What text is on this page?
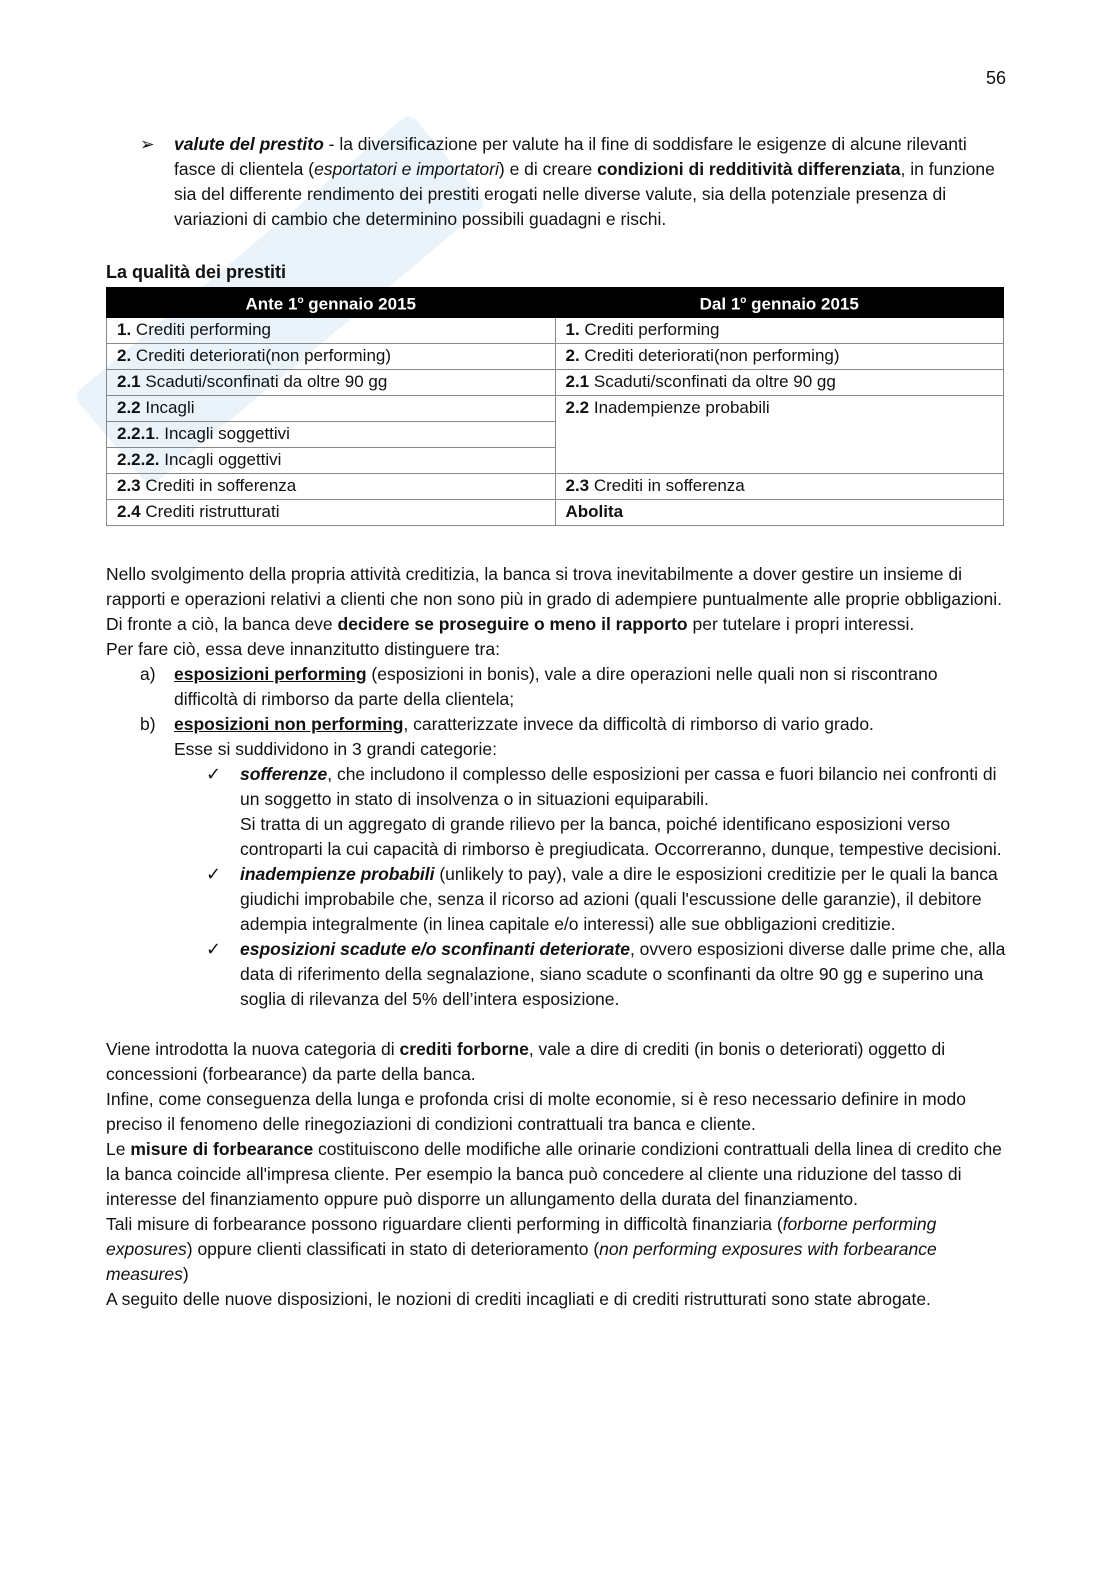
56

➢ valute del prestito - la diversificazione per valute ha il fine di soddisfare le esigenze di alcune rilevanti fasce di clientela (esportatori e importatori) e di creare condizioni di redditività differenziata, in funzione sia del differente rendimento dei prestiti erogati nelle diverse valute, sia della potenziale presenza di variazioni di cambio che determinino possibili guadagni e rischi.

La qualità dei prestiti
Ante 1$^o$ gennaio 2015	Dal 1$^o$ gennaio 2015
1. Crediti performing	1. Crediti performing
2. Crediti deteriorati(non performing)	2. Crediti deteriorati(non performing)
2.1 Scaduti/sconfinati da oltre 90 gg	2.1 Scaduti/sconfinati da oltre 90 gg
2.2 Incagli	2.2 Inadempienze probabili
2.2.1. Incagli soggettivi	
2.2.2. Incagli oggettivi	
2.3 Crediti in sofferenza	2.3 Crediti in sofferenza
2.4 Crediti ristrutturati	Abolita

Nello svolgimento della propria attività creditizia, la banca si trova inevitabilmente a dover gestire un insieme di rapporti e operazioni relativi a clienti che non sono più in grado di adempiere puntualmente alle proprie obbligazioni. Di fronte a ciò, la banca deve decidere se proseguire o meno il rapporto per tutelare i propri interessi.

Per fare ciò, essa deve innanzitutto distinguere tra:

a) esposizioni performing (esposizioni in bonis), vale a dire operazioni nelle quali non si riscontrano difficoltà di rimborso da parte della clientela;

b) esposizioni non performing, caratterizzate invece da difficoltà di rimborso di vario grado.

Esse si suddividono in 3 grandi categorie:

✓ sofferenze, che includono il complesso delle esposizioni per cassa e fuori bilancio nei confronti di un soggetto in stato di insolvenza o in situazioni equiparabili.
Si tratta di un aggregato di grande rilievo per la banca, poiché identificano esposizioni verso controparti la cui capacità di rimborso è pregiudicata. Occorreranno, dunque, tempestive decisioni.

✓ inadempienze probabili (unlikely to pay), vale a dire le esposizioni creditizie per le quali la banca giudichi improbabile che, senza il ricorso ad azioni (quali l'escussione delle garanzie), il debitore adempia integralmente (in linea capitale e/o interessi) alle sue obbligazioni creditizie.

✓ esposizioni scadute e/o sconfinanti deteriorate, ovvero esposizioni diverse dalle prime che, alla data di riferimento della segnalazione, siano scadute o sconfinanti da oltre 90 gg e superino una soglia di rilevanza del 5% dell’intera esposizione.

Viene introdotta la nuova categoria di crediti forborne, vale a dire di crediti (in bonis o deteriorati) oggetto di concessioni (forbearance) da parte della banca.

Infine, come conseguenza della lunga e profonda crisi di molte economie, si è reso necessario definire in modo preciso il fenomeno delle rinegoziazioni di condizioni contrattuali tra banca e cliente.

Le misure di forbearance costituiscono delle modifiche alle orinarie condizioni contrattuali della linea di credito che la banca coincide all'impresa cliente. Per esempio la banca può concedere al cliente una riduzione del tasso di interesse del finanziamento oppure può disporre un allungamento della durata del finanziamento.

Tali misure di forbearance possono riguardare clienti performing in difficoltà finanziaria (forborne performing exposures) oppure clienti classificati in stato di deterioramento (non performing exposures with forbearance measures)

A seguito delle nuove disposizioni, le nozioni di crediti incagliati e di crediti ristrutturati sono state abrogate.
